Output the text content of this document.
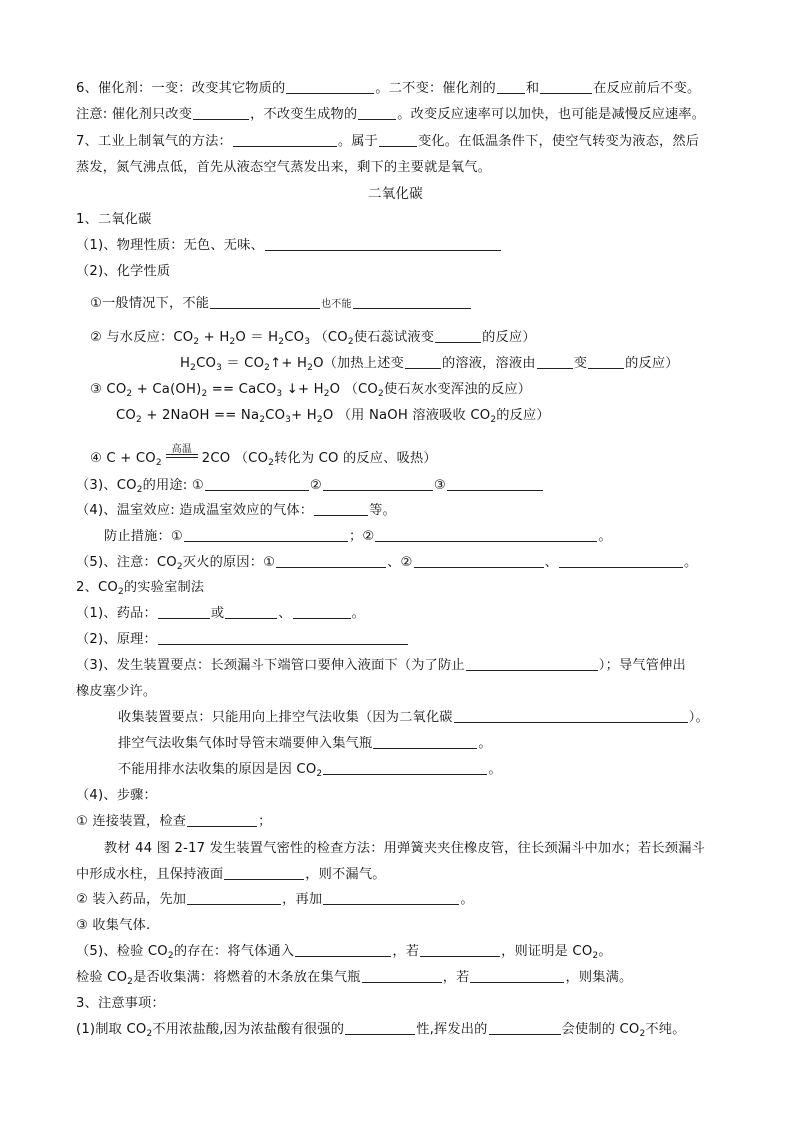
6、催化剂：一变：改变其它物质的	。二不变：催化剂的 和	在反应前后不变。
注意: 催化剂只改变	，不改变生成物的	。改变反应速率可以加快，也可能是减慢反应速率。
7、工业上制氧气的方法：	。属于	变化。在低温条件下，使空气转变为液态，然后
蒸发，氮气沸点低，首先从液态空气蒸发出来，剩下的主要就是氧气。
二氧化碳
1、二氧化碳
（1)、物理性质：无色、无味、
（2)、化学性质
①一般情况下，不能	也不能
② 与水反应：$CO_2 + H_2O = H_2CO_3$ （$CO_2$使石蕊试液变	的反应）
$H_2CO_3$ ＝ $CO_2↑+ H_2O$（加热上述变	的溶液，溶液由	变	的反应）
③ $CO_2 + Ca(OH)_2$ == CaCO$_3$ ↓+ $H_2O$ （$CO_2$使石灰水变浑浊的反应）
$CO_2$ + 2NaOH == $Na_2CO_3+ H_2O$ （用 NaOH 溶液吸收 $CO_2$的反应）
④ $C + CO_2$
高温
2CO （$CO_2$转化为 CO 的反应、吸热）
（3)、$CO_2$的用途: ①	②	③
（4)、温室效应: 造成温室效应的气体：	等。
防止措施：①	；②	。
（5)、注意：$CO_2$灭火的原因：①	、②	、	。
2、$CO_2$的实验室制法
（1)、药品：	或	、	。
（2)、原理：
（3)、发生装置要点：长颈漏斗下端管口要伸入液面下（为了防止	）；导气管伸出
橡皮塞少许。
收集装置要点：只能用向上排空气法收集（因为二氧化碳	）。
排空气法收集气体时导管末端要伸入集气瓶	。
不能用排水法收集的原因是因 $CO_2$	。
（4)、步骤：
① 连接装置，检查	；
教材 44 图 2-17 发生装置气密性的检查方法：用弹簧夹夹住橡皮管，往长颈漏斗中加水；若长颈漏斗
中形成水柱，且保持液面	，则不漏气。
② 装入药品，先加	，再加	。
③ 收集气体.
（5)、检验 $CO_2$的存在：将气体通入	，若	，则证明是 $CO_2$。
检验 $CO_2$是否收集满：将燃着的木条放在集气瓶	，若	，则集满。
3、注意事项：
(1)制取 $CO_2$不用浓盐酸,因为浓盐酸有很强的	性,挥发出的	会使制的 $CO_2$不纯。
